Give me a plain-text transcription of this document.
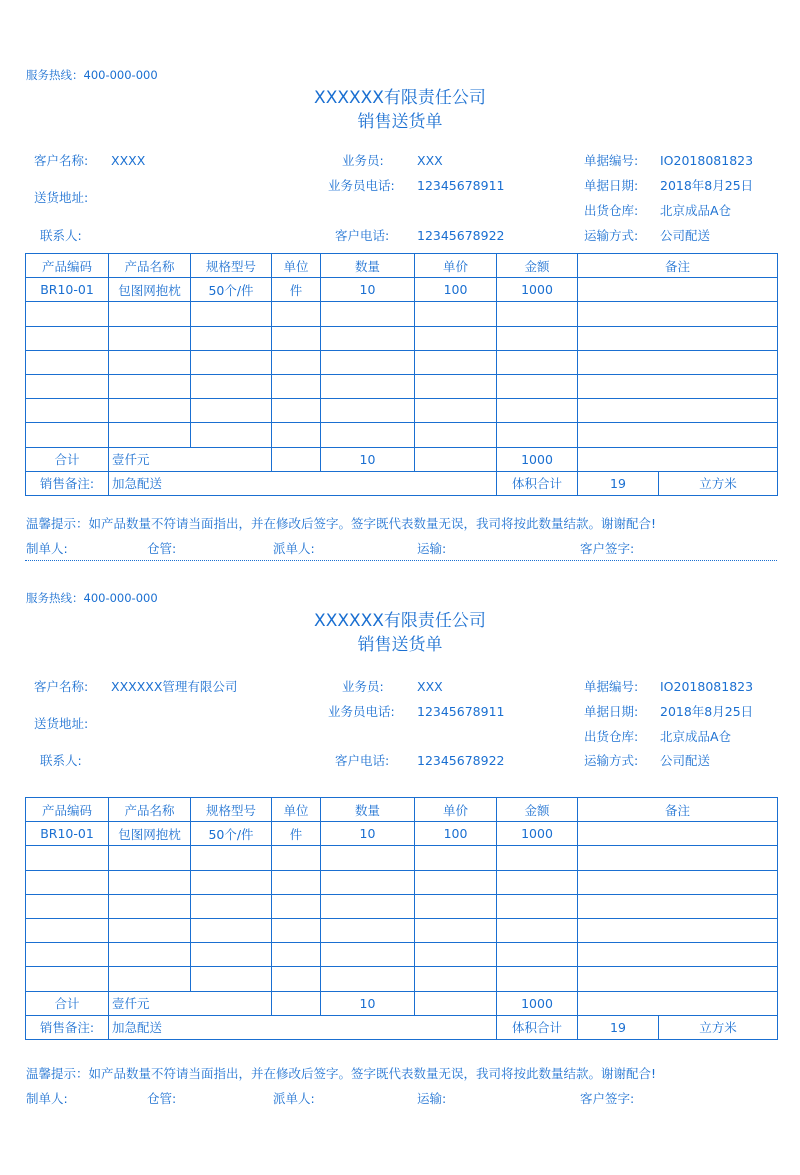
服务热线：400-000-000
XXXXXX有限责任公司
销售送货单
客户名称: XXXX
送货地址:
联系人:
业务员:	XXX
业务员电话: 12345678911
客户电话: 12345678922
单据编号: IO2018081823
单据日期: 2018年8月25日
出货仓库: 北京成品A仓
运输方式: 公司配送
产品编码	产品名称	规格型号	单位	数量	单价	金额	备注	
BR10-01	包图网抱枕	50个/件	件	10	100	1000		

合计	壹仟元			10		1000		
销售备注:	加急配送					体积合计	19	立方米
温馨提示：如产品数量不符请当面指出，并在修改后签字。签字既代表数量无误，我司将按此数量结款。谢谢配合!
制单人:	仓管:	派单人:	运输:	客户签字:
服务热线：400-000-000
XXXXXX有限责任公司
销售送货单
客户名称: XXXXXX管理有限公司
送货地址:
联系人:
业务员:	XXX
业务员电话: 12345678911
客户电话: 12345678922
单据编号: IO2018081823
单据日期: 2018年8月25日
出货仓库: 北京成品A仓
运输方式: 公司配送
产品编码	产品名称	规格型号	单位	数量	单价	金额	备注	
BR10-01	包图网抱枕	50个/件	件	10	100	1000		

合计	壹仟元			10		1000		
销售备注:	加急配送					体积合计	19	立方米
温馨提示：如产品数量不符请当面指出，并在修改后签字。签字既代表数量无误，我司将按此数量结款。谢谢配合!
制单人:	仓管:	派单人:	运输:	客户签字:
